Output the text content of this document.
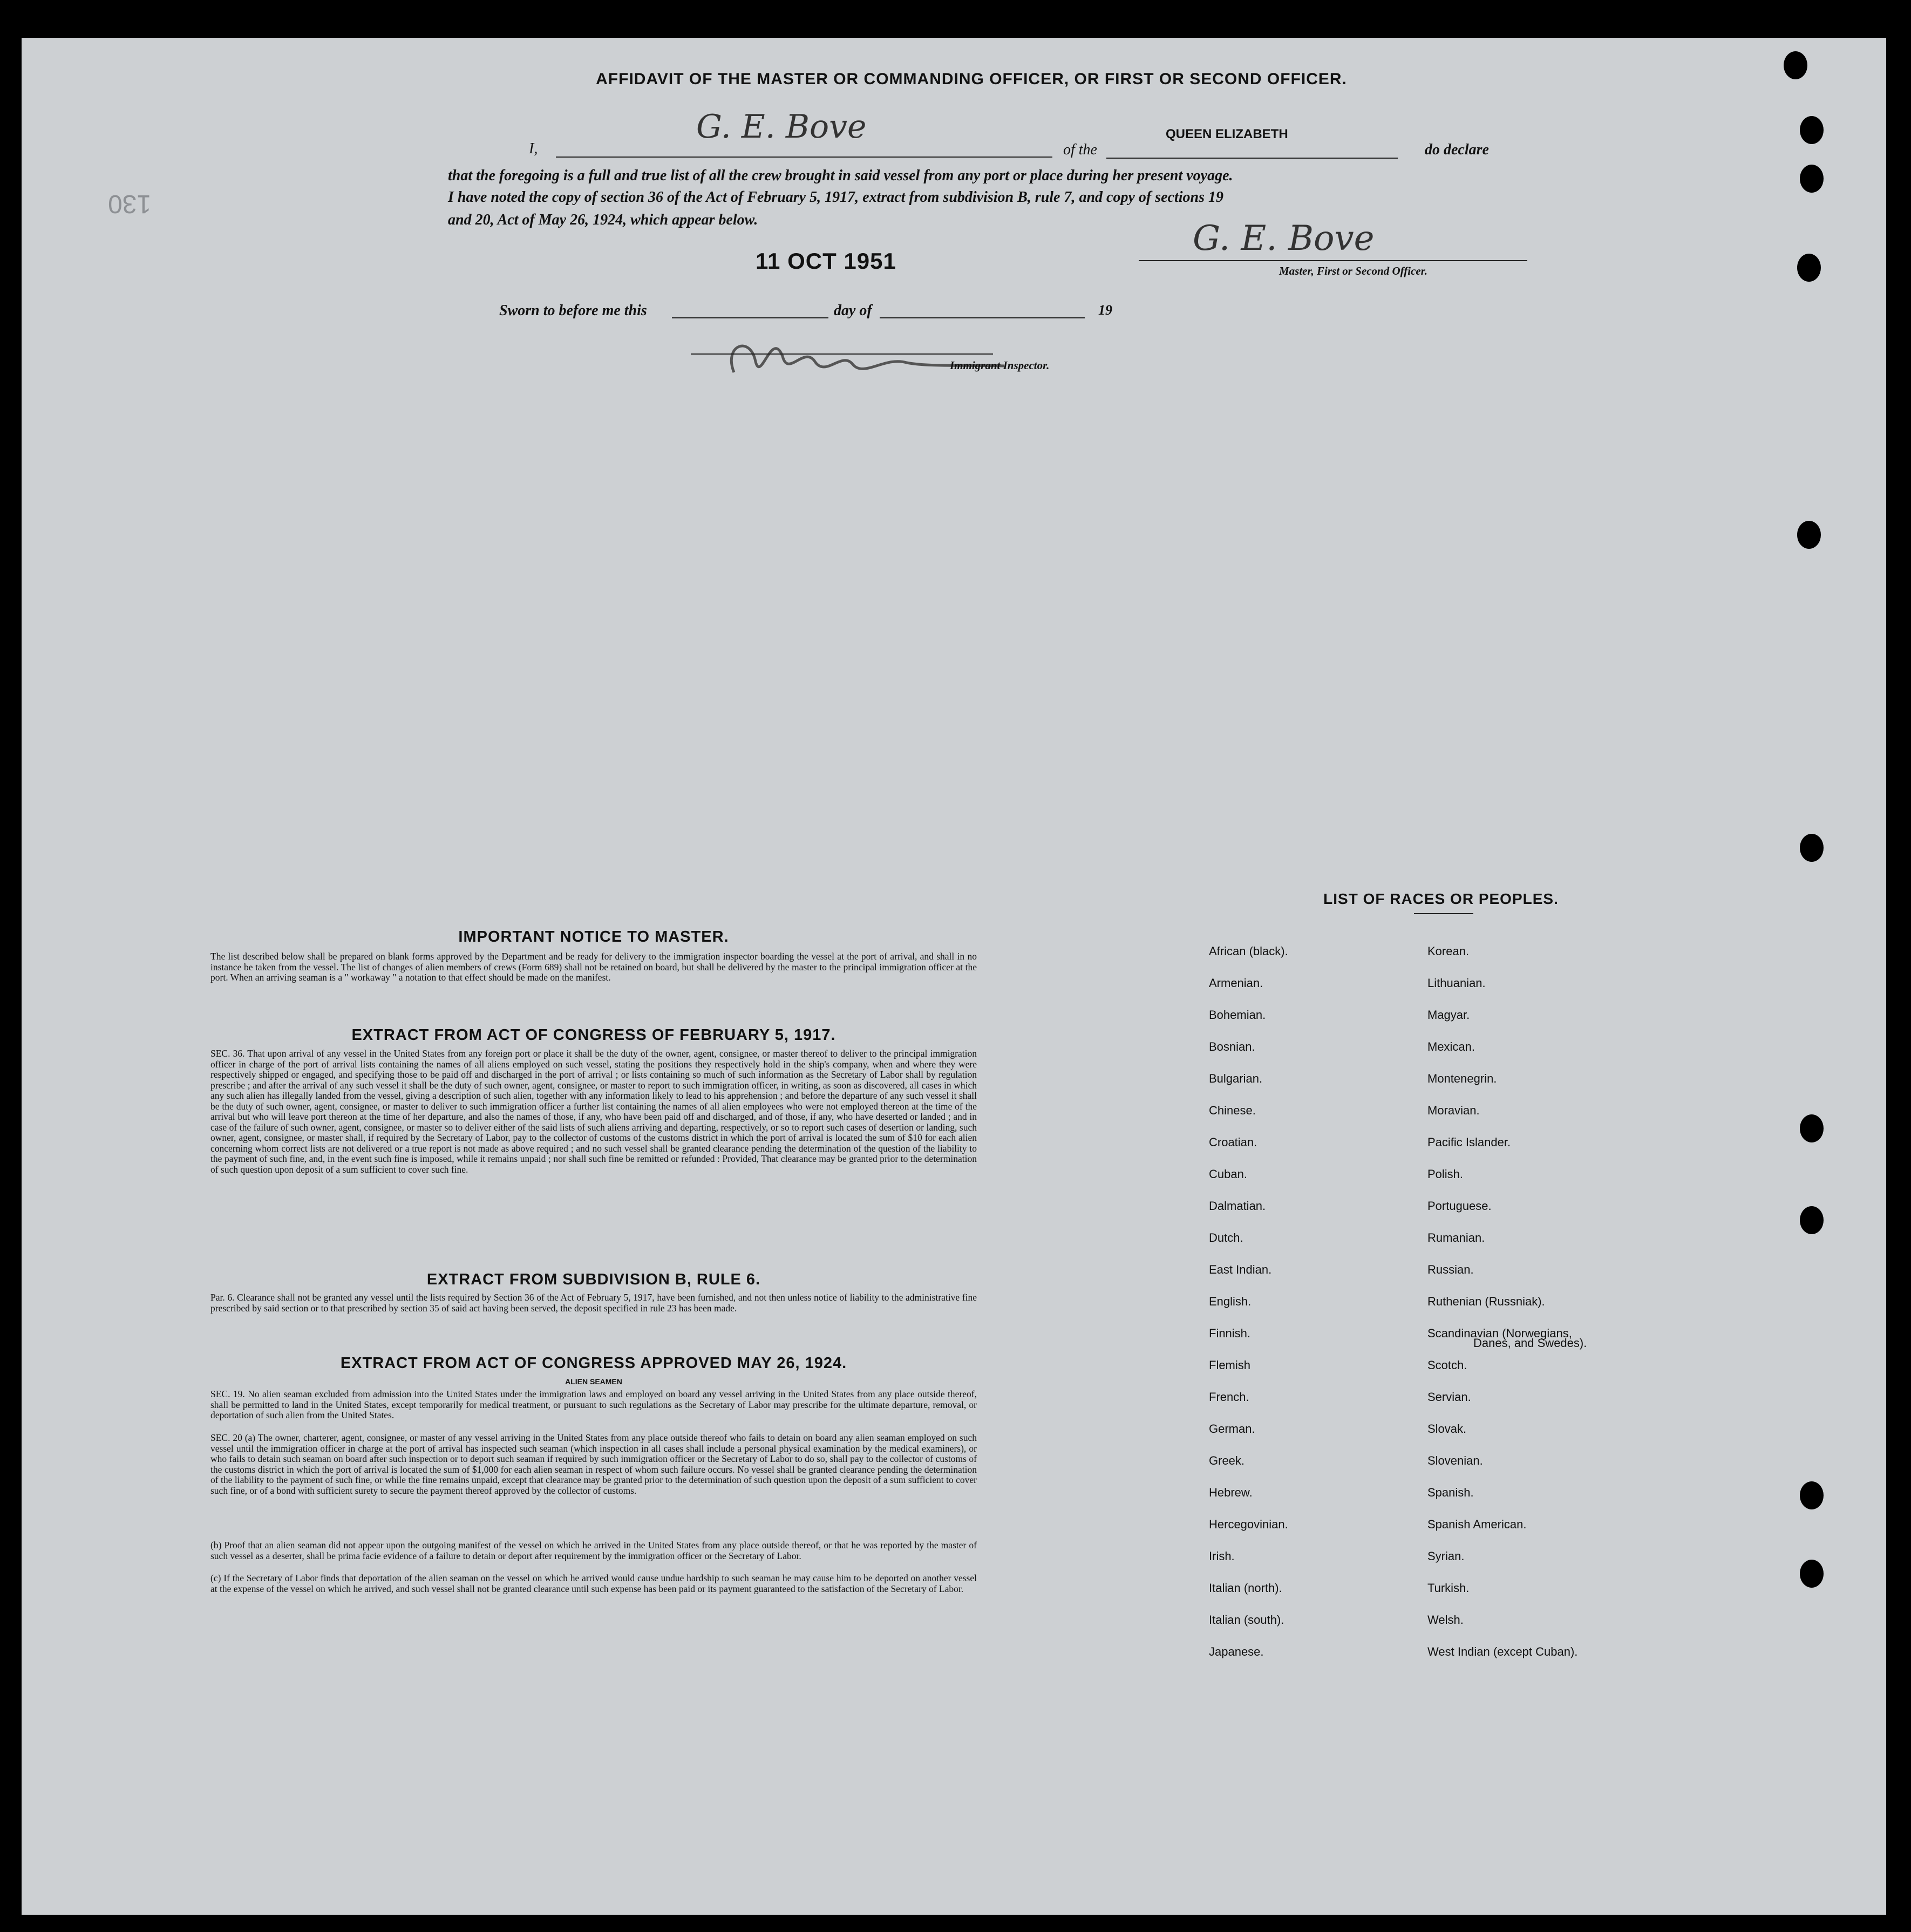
130
AFFIDAVIT OF THE MASTER OR COMMANDING OFFICER, OR FIRST OR SECOND OFFICER.
I,
G. E. Bove
of the
QUEEN ELIZABETH
do declare
that the foregoing is a full and true list of all the crew brought in said vessel from any port or place during her present voyage.
I have noted the copy of section 36 of the Act of February 5, 1917, extract from subdivision B, rule 7, and copy of sections 19
and 20, Act of May 26, 1924, which appear below.
11 OCT 1951
G. E. Bove
Master, First or Second Officer.
Sworn to before me this	day of	19
Immigrant Inspector.
IMPORTANT NOTICE TO MASTER.
The list described below shall be prepared on blank forms approved by the Department and be ready for delivery to the immigration inspector boarding the vessel at the port of arrival, and shall in no instance be taken from the vessel. The list of changes of alien members of crews (Form 689) shall not be retained on board, but shall be delivered by the master to the principal immigration officer at the port. When an arriving seaman is a " workaway " a notation to that effect should be made on the manifest.
EXTRACT FROM ACT OF CONGRESS OF FEBRUARY 5, 1917.
SEC. 36. That upon arrival of any vessel in the United States from any foreign port or place it shall be the duty of the owner, agent, consignee, or master thereof to deliver to the principal immigration officer in charge of the port of arrival lists containing the names of all aliens employed on such vessel, stating the positions they respectively hold in the ship's company, when and where they were respectively shipped or engaged, and specifying those to be paid off and discharged in the port of arrival ; or lists containing so much of such information as the Secretary of Labor shall by regulation prescribe ; and after the arrival of any such vessel it shall be the duty of such owner, agent, consignee, or master to report to such immigration officer, in writing, as soon as discovered, all cases in which any such alien has illegally landed from the vessel, giving a description of such alien, together with any information likely to lead to his apprehension ; and before the departure of any such vessel it shall be the duty of such owner, agent, consignee, or master to deliver to such immigration officer a further list containing the names of all alien employees who were not employed thereon at the time of the arrival but who will leave port thereon at the time of her departure, and also the names of those, if any, who have been paid off and discharged, and of those, if any, who have deserted or landed ; and in case of the failure of such owner, agent, consignee, or master so to deliver either of the said lists of such aliens arriving and departing, respectively, or so to report such cases of desertion or landing, such owner, agent, consignee, or master shall, if required by the Secretary of Labor, pay to the collector of customs of the customs district in which the port of arrival is located the sum of $10 for each alien concerning whom correct lists are not delivered or a true report is not made as above required ; and no such vessel shall be granted clearance pending the determination of the question of the liability to the payment of such fine, and, in the event such fine is imposed, while it remains unpaid ; nor shall such fine be remitted or refunded : Provided, That clearance may be granted prior to the determination of such question upon deposit of a sum sufficient to cover such fine.
EXTRACT FROM SUBDIVISION B, RULE 6.
Par. 6. Clearance shall not be granted any vessel until the lists required by Section 36 of the Act of February 5, 1917, have been furnished, and not then unless notice of liability to the administrative fine prescribed by said section or to that prescribed by section 35 of said act having been served, the deposit specified in rule 23 has been made.
EXTRACT FROM ACT OF CONGRESS APPROVED MAY 26, 1924.
ALIEN SEAMEN
SEC. 19. No alien seaman excluded from admission into the United States under the immigration laws and employed on board any vessel arriving in the United States from any place outside thereof, shall be permitted to land in the United States, except temporarily for medical treatment, or pursuant to such regulations as the Secretary of Labor may prescribe for the ultimate departure, removal, or deportation of such alien from the United States.
SEC. 20 (a) The owner, charterer, agent, consignee, or master of any vessel arriving in the United States from any place outside thereof who fails to detain on board any alien seaman employed on such vessel until the immigration officer in charge at the port of arrival has inspected such seaman (which inspection in all cases shall include a personal physical examination by the medical examiners), or who fails to detain such seaman on board after such inspection or to deport such seaman if required by such immigration officer or the Secretary of Labor to do so, shall pay to the collector of customs of the customs district in which the port of arrival is located the sum of $1,000 for each alien seaman in respect of whom such failure occurs. No vessel shall be granted clearance pending the determination of the liability to the payment of such fine, or while the fine remains unpaid, except that clearance may be granted prior to the determination of such question upon the deposit of a sum sufficient to cover such fine, or of a bond with sufficient surety to secure the payment thereof approved by the collector of customs.
(b) Proof that an alien seaman did not appear upon the outgoing manifest of the vessel on which he arrived in the United States from any place outside thereof, or that he was reported by the master of such vessel as a deserter, shall be prima facie evidence of a failure to detain or deport after requirement by the immigration officer or the Secretary of Labor.
(c) If the Secretary of Labor finds that deportation of the alien seaman on the vessel on which he arrived would cause undue hardship to such seaman he may cause him to be deported on another vessel at the expense of the vessel on which he arrived, and such vessel shall not be granted clearance until such expense has been paid or its payment guaranteed to the satisfaction of the Secretary of Labor.
LIST OF RACES OR PEOPLES.
Danes, and Swedes).
African (black).
Armenian.
Bohemian.
Bosnian.
Bulgarian.
Chinese.
Croatian.
Cuban.
Dalmatian.
Dutch.
East Indian.
English.
Finnish.
Flemish
French.
German.
Greek.
Hebrew.
Hercegovinian.
Irish.
Italian (north).
Italian (south).
Japanese.
Korean.
Lithuanian.
Magyar.
Mexican.
Montenegrin.
Moravian.
Pacific Islander.
Polish.
Portuguese.
Rumanian.
Russian.
Ruthenian (Russniak).
Scandinavian (Norwegians,
Scotch.
Servian.
Slovak.
Slovenian.
Spanish.
Spanish American.
Syrian.
Turkish.
Welsh.
West Indian (except Cuban).
